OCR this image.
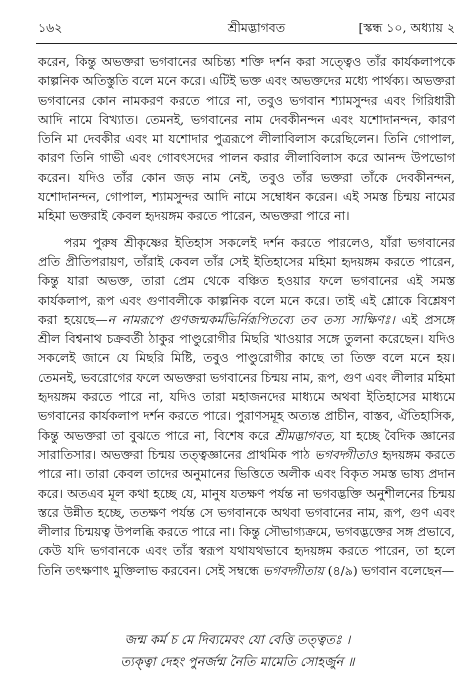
১৬২	শ্রীমদ্ভাগবত	[স্কন্ধ ১০, অধ্যায় ২

করেন, কিন্তু অভক্তরা ভগবানের অচিন্ত্য শক্তি দর্শন করা সত্ত্বেও তাঁর কার্যকলাপকে কাল্পনিক অতিস্তুতি বলে মনে করে। এটিই ভক্ত এবং অভক্তদের মধ্যে পার্থক্য। অভক্তরা ভগবানের কোন নামকরণ করতে পারে না, তবুও ভগবান শ্যামসুন্দর এবং গিরিধারী আদি নামে বিখ্যাত। তেমনই, ভগবানের নাম দেবকীনন্দন এবং যশোদানন্দন, কারণ তিনি মা দেবকীর এবং মা যশোদার পুত্ররূপে লীলাবিলাস করেছিলেন। তিনি গোপাল, কারণ তিনি গাভী এবং গোবৎসদের পালন করার লীলাবিলাস করে আনন্দ উপভোগ করেন। যদিও তাঁর কোন জড় নাম নেই, তবুও তাঁর ভক্তরা তাঁকে দেবকীনন্দন, যশোদানন্দন, গোপাল, শ্যামসুন্দর আদি নামে সম্বোধন করেন। এই সমস্ত চিন্ময় নামের মহিমা ভক্তরাই কেবল হৃদয়ঙ্গম করতে পারেন, অভক্তরা পারে না।

পরম পুরুষ শ্রীকৃষ্ণের ইতিহাস সকলেই দর্শন করতে পারলেও, যাঁরা ভগবানের প্রতি প্রীতিপরায়ণ, তাঁরাই কেবল তাঁর সেই ইতিহাসের মহিমা হৃদয়ঙ্গম করতে পারেন, কিন্তু যারা অভক্ত, তারা প্রেম থেকে বঞ্চিত হওয়ার ফলে ভগবানের এই সমস্ত কার্যকলাপ, রূপ এবং গুণাবলীকে কাল্পনিক বলে মনে করে। তাই এই শ্লোকে বিশ্লেষণ করা হয়েছে—ন নামরূপে গুণজন্মকর্মভির্নিরূপিতব্যে তব তস্য সাক্ষিণঃ। এই প্রসঙ্গে শ্রীল বিশ্বনাথ চক্রবর্তী ঠাকুর পাণ্ডুরোগীর মিছরি খাওয়ার সঙ্গে তুলনা করেছেন। যদিও সকলেই জানে যে মিছরি মিষ্টি, তবুও পাণ্ডুরোগীর কাছে তা তিক্ত বলে মনে হয়। তেমনই, ভবরোগের ফলে অভক্তরা ভগবানের চিন্ময় নাম, রূপ, গুণ এবং লীলার মহিমা হৃদয়ঙ্গম করতে পারে না, যদিও তারা মহাজনদের মাধ্যমে অথবা ইতিহাসের মাধ্যমে ভগবানের কার্যকলাপ দর্শন করতে পারে। পুরাণসমূহ অত্যন্ত প্রাচীন, বাস্তব, ঐতিহাসিক, কিন্তু অভক্তরা তা বুঝতে পারে না, বিশেষ করে শ্রীমদ্ভাগবত, যা হচ্ছে বৈদিক জ্ঞানের সারাতিসার। অভক্তরা চিন্ময় তত্ত্বজ্ঞানের প্রাথমিক পাঠ ভগবদ্গীতাও হৃদয়ঙ্গম করতে পারে না। তারা কেবল তাদের অনুমানের ভিত্তিতে অলীক এবং বিকৃত সমস্ত ভাষ্য প্রদান করে। অতএব মূল কথা হচ্ছে যে, মানুষ যতক্ষণ পর্যন্ত না ভগবদ্ভক্তি অনুশীলনের চিন্ময় স্তরে উন্নীত হচ্ছে, ততক্ষণ পর্যন্ত সে ভগবানকে অথবা ভগবানের নাম, রূপ, গুণ এবং লীলার চিন্ময়ত্ব উপলব্ধি করতে পারে না। কিন্তু সৌভাগ্যক্রমে, ভগবদ্ভক্তের সঙ্গ প্রভাবে, কেউ যদি ভগবানকে এবং তাঁর স্বরূপ যথাযথভাবে হৃদয়ঙ্গম করতে পারেন, তা হলে তিনি তৎক্ষণাৎ মুক্তিলাভ করবেন। সেই সম্বন্ধে ভগবদ্গীতায় (৪/৯) ভগবান বলেছেন—

জন্ম কর্ম চ মে দিব্যমেবং যো বেত্তি তত্ত্বতঃ ।
ত্যক্ত্বা দেহং পুনর্জন্ম নৈতি মামেতি সোহর্জুন ॥
